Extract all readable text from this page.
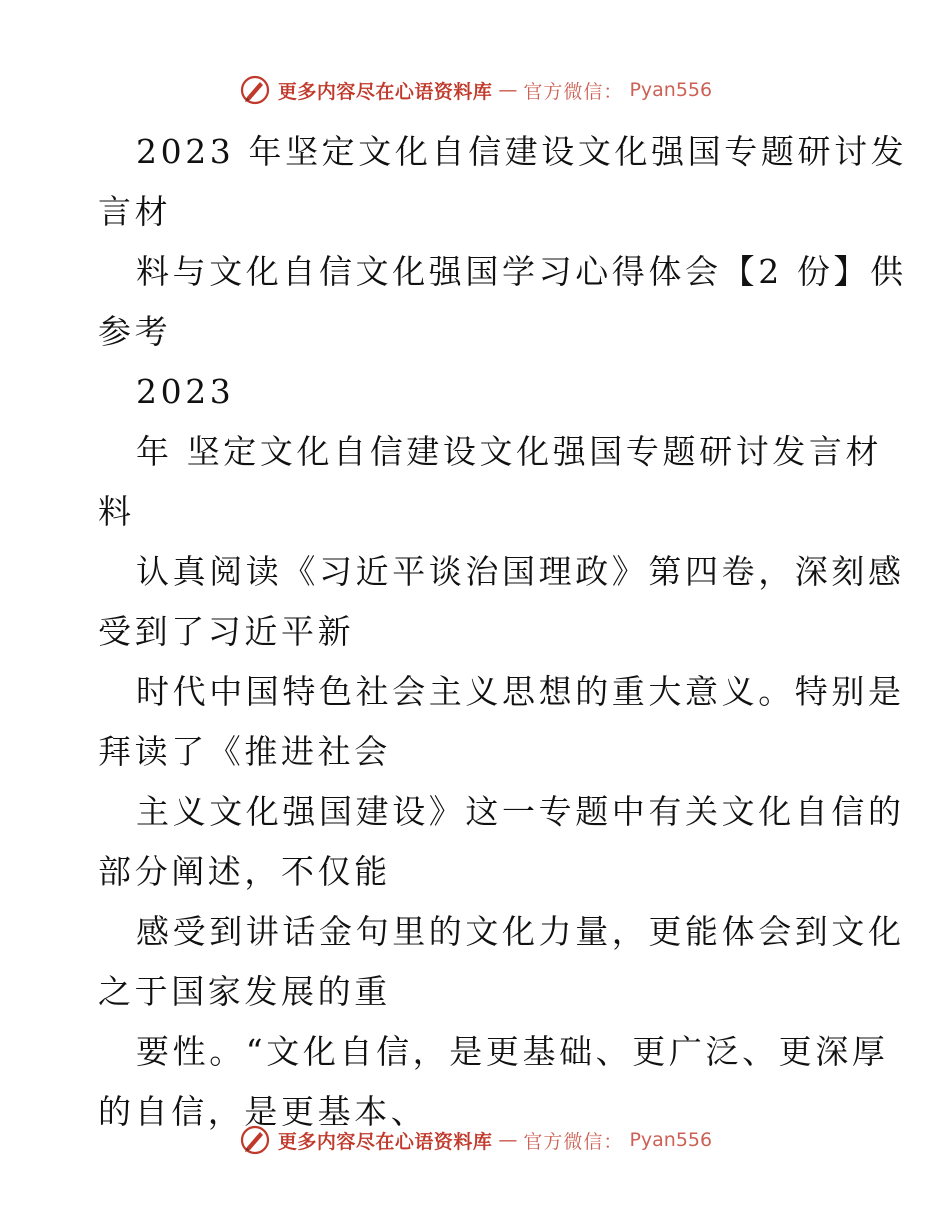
更多内容尽在心语资料库 — 官方微信： Pyan556
2023 年坚定文化自信建设文化强国专题研讨发
言材
料与文化自信文化强国学习心得体会【2 份】供
参考
2023
年 坚定文化自信建设文化强国专题研讨发言材
料
认真阅读《习近平谈治国理政》第四卷，深刻感
受到了习近平新
时代中国特色社会主义思想的重大意义。特别是
拜读了《推进社会
主义文化强国建设》这一专题中有关文化自信的
部分阐述，不仅能
感受到讲话金句里的文化力量，更能体会到文化
之于国家发展的重
要性。“文化自信，是更基础、更广泛、更深厚
的自信，是更基本、
更多内容尽在心语资料库 — 官方微信： Pyan556
